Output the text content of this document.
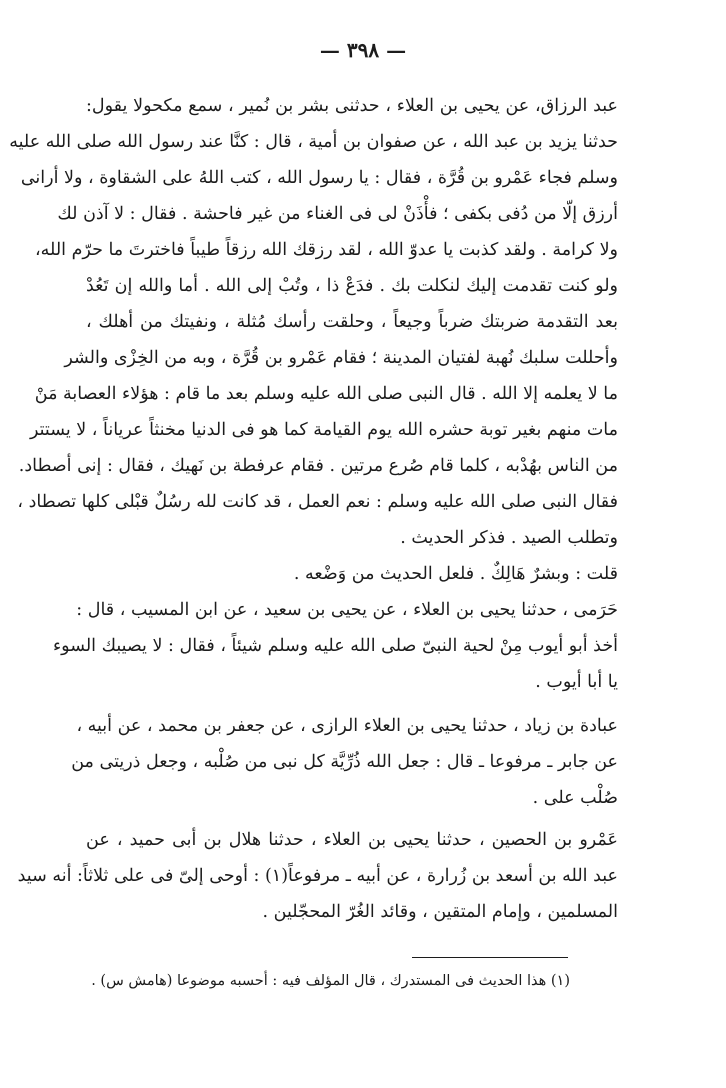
— ٣٩٨ —
عبد الرزاق، عن يحيى بن العلاء ، حدثنى بشر بن نُمير ، سمع مكحولا يقول:
حدثنا يزيد بن عبد الله ، عن صفوان بن أمية ، قال : كنَّا عند رسول الله صلى الله عليه
وسلم فجاء عَمْرو بن قُرَّة ، فقال : يا رسول الله ، كتب اللهُ على الشقاوة ، ولا أرانى
أرزق إلّا من دُفى بكفى ؛ فأْذَنْ لى فى الغناء من غير فاحشة . فقال : لا آذن لك
ولا كرامة . ولقد كذبت يا عدوّ الله ، لقد رزقك الله رزقاً طيباً فاخترتَ ما حرّم الله،
ولو كنت تقدمت إليك لنكلت بك . فدَعْ ذا ، وتُبْ إلى الله . أما والله إن تَعُدْ
بعد التقدمة ضربتك ضرباً وجيعاً ، وحلقت رأسك مُثلة ، ونفيتك من أهلك ،
وأحللت سلبك نُهبة لفتيان المدينة ؛ فقام عَمْرو بن قُرَّة ، وبه من الخِزْى والشر
ما لا يعلمه إلا الله . قال النبى صلى الله عليه وسلم بعد ما قام : هؤلاء العصابة مَنْ
مات منهم بغير توبة حشره الله يوم القيامة كما هو فى الدنيا مخنثاً عرياناً ، لا يستتر
من الناس بهُدْبه ، كلما قام صُرع مرتين . فقام عرفطة بن نَهيك ، فقال : إنى أصطاد.
فقال النبى صلى الله عليه وسلم : نعم العمل ، قد كانت لله رسُلٌ قبْلى كلها تصطاد ،
وتطلب الصيد . فذكر الحديث .
قلت : وبشرٌ هَالِكٌ . فلعل الحديث من وَضْعه .
حَرَمى ، حدثنا يحيى بن العلاء ، عن يحيى بن سعيد ، عن ابن المسيب ، قال :
أخذ أبو أيوب مِنْ لحية النبىّ صلى الله عليه وسلم شيئاً ، فقال : لا يصيبك السوء
يا أبا أيوب .
عبادة بن زياد ، حدثنا يحيى بن العلاء الرازى ، عن جعفر بن محمد ، عن أبيه ،
عن جابر ـ مرفوعا ـ قال : جعل الله ذُرِّيَّة كل نبى من صُلْبه ، وجعل ذريتى من
صُلْب على .
عَمْرو بن الحصين ، حدثنا يحيى بن العلاء ، حدثنا هلال بن أبى حميد ، عن
عبد الله بن أسعد بن زُرارة ، عن أبيه ـ مرفوعاً(١) : أوحى إلىّ فى على ثلاثاً: أنه سيد
المسلمين ، وإمام المتقين ، وقائد الغُرّ المحجّلين .
(١) هذا الحديث فى المستدرك ، قال المؤلف فيه : أحسبه موضوعا (هامش س) .
